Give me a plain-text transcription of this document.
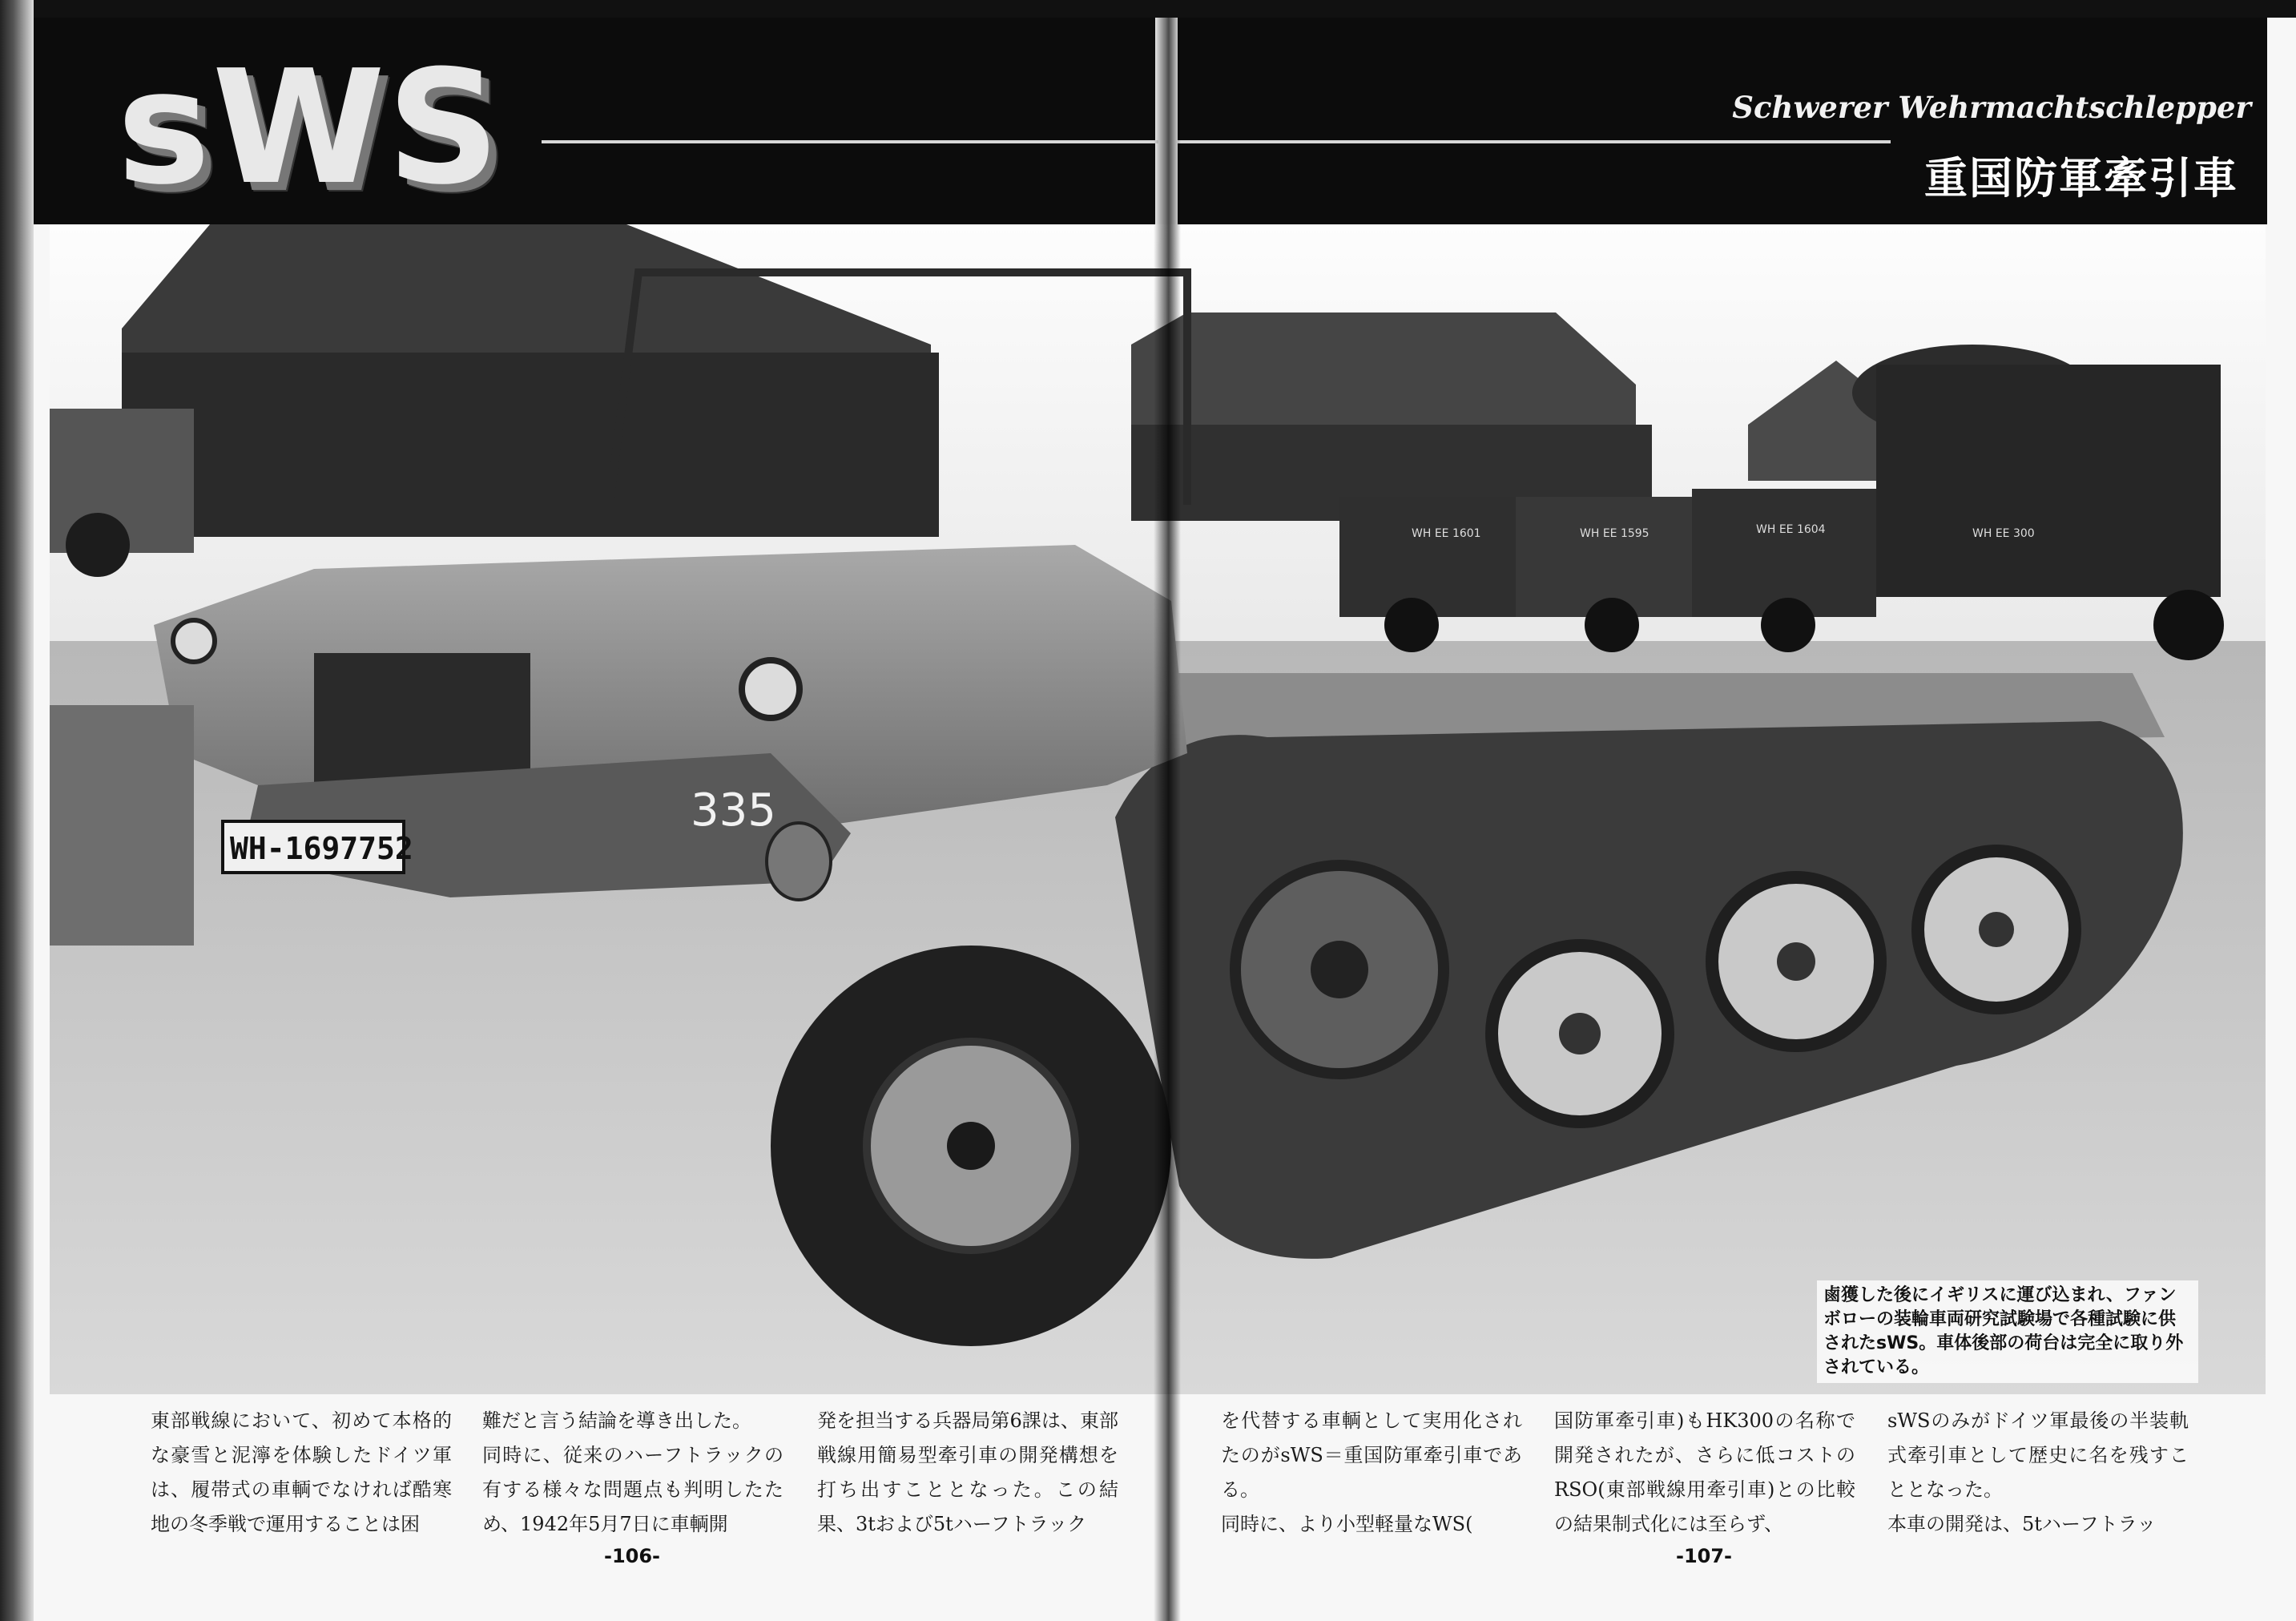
sWS	Schwerer Wehrmachtschlepper
重国防軍牽引車
WH-1697752
335
WH EE 1601	WH EE 1595	WH EE 1604	WH EE 300
鹵獲した後にイギリスに運び込まれ、ファンボローの装輪車両研究試験場で各種試験に供されたsWS。車体後部の荷台は完全に取り外されている。

東部戦線において、初めて本格的な豪雪と泥濘を体験したドイツ軍は、履帯式の車輌でなければ酷寒地の冬季戦で運用することは困

難だと言う結論を導き出した。
同時に、従来のハーフトラックの有する様々な問題点も判明したため、1942年5月7日に車輌開

発を担当する兵器局第6課は、東部戦線用簡易型牽引車の開発構想を打ち出すこととなった。この結果、3tおよび5tハーフトラック

を代替する車輌として実用化されたのがsWS＝重国防軍牽引車である。
同時に、より小型軽量なWS(

国防軍牽引車)もHK300の名称で開発されたが、さらに低コストのRSO(東部戦線用牽引車)との比較の結果制式化には至らず、

sWSのみがドイツ軍最後の半装軌式牽引車として歴史に名を残すこととなった。
本車の開発は、5tハーフトラッ

-106-	-107-
